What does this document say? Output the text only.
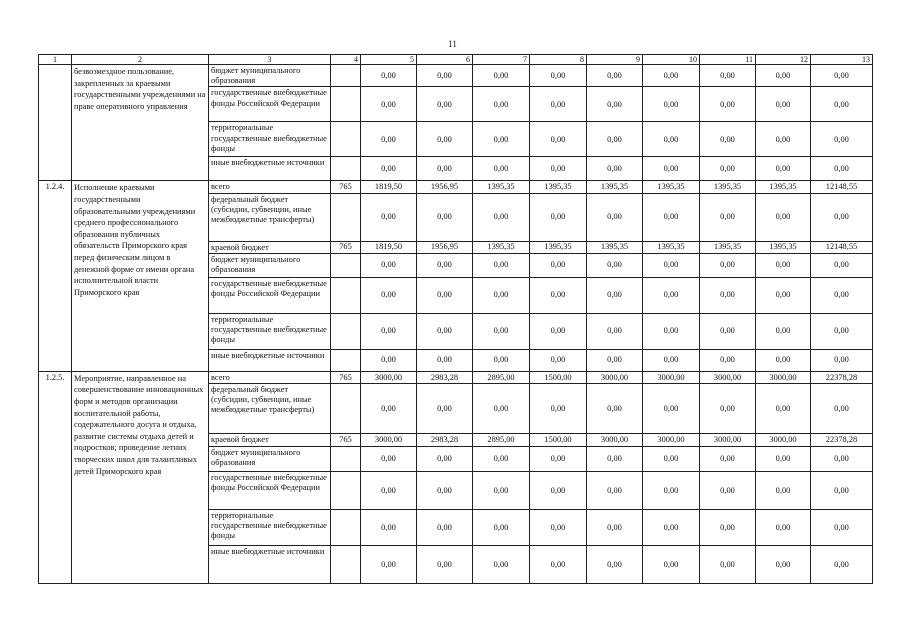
11
1	2	3	4	5	6	7	8	9	10	11	12	13
	безвозмездное пользование, закрепленных за краевыми государственными учреждениями на праве оперативного управления	бюджет муниципального образования		0,00	0,00	0,00	0,00	0,00	0,00	0,00	0,00	0,00
		государственные внебюджетные фонды Российской Федерации		0,00	0,00	0,00	0,00	0,00	0,00	0,00	0,00	0,00
		территориальные государственные внебюджетные фонды		0,00	0,00	0,00	0,00	0,00	0,00	0,00	0,00	0,00
		иные внебюджетные источники		0,00	0,00	0,00	0,00	0,00	0,00	0,00	0,00	0,00
1.2.4.	Исполнение краевыми государственными образовательными учреждениями среднего профессионального образования публичных обязательств Приморского края перед физическим лицом в денежной форме от имени органа исполнительной власти Приморского края	всего	765	1819,50	1956,95	1395,35	1395,35	1395,35	1395,35	1395,35	1395,35	12148,55
		федеральный бюджет (субсидии, субвенции, иные межбюджетные трансферты)		0,00	0,00	0,00	0,00	0,00	0,00	0,00	0,00	0,00
		краевой бюджет	765	1819,50	1956,95	1395,35	1395,35	1395,35	1395,35	1395,35	1395,35	12148,55
		бюджет муниципального образования		0,00	0,00	0,00	0,00	0,00	0,00	0,00	0,00	0,00
		государственные внебюджетные фонды Российской Федерации		0,00	0,00	0,00	0,00	0,00	0,00	0,00	0,00	0,00
		территориальные государственные внебюджетные фонды		0,00	0,00	0,00	0,00	0,00	0,00	0,00	0,00	0,00
		иные внебюджетные источники		0,00	0,00	0,00	0,00	0,00	0,00	0,00	0,00	0,00
1.2.5.	Мероприятие, направленное на совершенствование инновационных форм и методов организации воспитательной работы, содержательного досуга и отдыха, развитие системы отдыха детей и подростков; проведение летних творческих школ для талантливых детей Приморского края	всего	765	3000,00	2983,28	2895,00	1500,00	3000,00	3000,00	3000,00	3000,00	22378,28
		федеральный бюджет (субсидии, субвенции, иные межбюджетные трансферты)		0,00	0,00	0,00	0,00	0,00	0,00	0,00	0,00	0,00
		краевой бюджет	765	3000,00	2983,28	2895,00	1500,00	3000,00	3000,00	3000,00	3000,00	22378,28
		бюджет муниципального образования		0,00	0,00	0,00	0,00	0,00	0,00	0,00	0,00	0,00
		государственные внебюджетные фонды Российской Федерации		0,00	0,00	0,00	0,00	0,00	0,00	0,00	0,00	0,00
		территориальные государственные внебюджетные фонды		0,00	0,00	0,00	0,00	0,00	0,00	0,00	0,00	0,00
		иные внебюджетные источники		0,00	0,00	0,00	0,00	0,00	0,00	0,00	0,00	0,00
